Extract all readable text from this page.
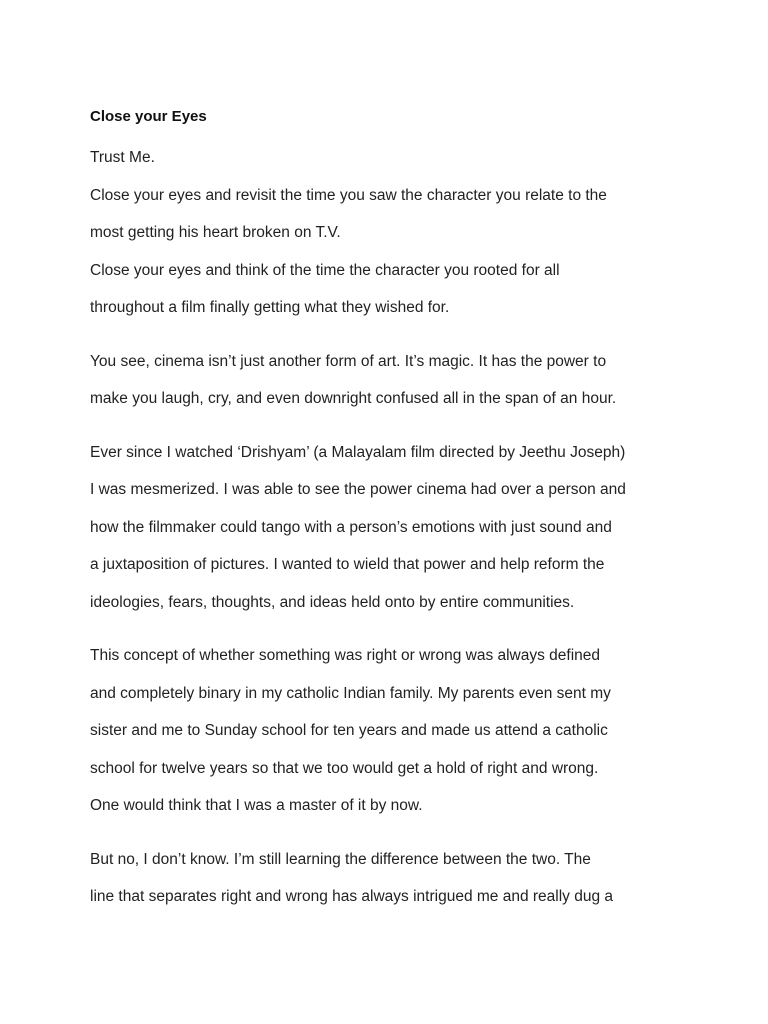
Close your Eyes

Trust Me.

Close your eyes and revisit the time you saw the character you relate to the

most getting his heart broken on T.V.

Close your eyes and think of the time the character you rooted for all

throughout a film finally getting what they wished for.

You see, cinema isn’t just another form of art. It’s magic. It has the power to

make you laugh, cry, and even downright confused all in the span of an hour.

Ever since I watched ‘Drishyam’ (a Malayalam film directed by Jeethu Joseph)

I was mesmerized. I was able to see the power cinema had over a person and

how the filmmaker could tango with a person’s emotions with just sound and

a juxtaposition of pictures. I wanted to wield that power and help reform the

ideologies, fears, thoughts, and ideas held onto by entire communities.

This concept of whether something was right or wrong was always defined

and completely binary in my catholic Indian family. My parents even sent my

sister and me to Sunday school for ten years and made us attend a catholic

school for twelve years so that we too would get a hold of right and wrong.

One would think that I was a master of it by now.

But no, I don’t know. I’m still learning the difference between the two. The

line that separates right and wrong has always intrigued me and really dug a
